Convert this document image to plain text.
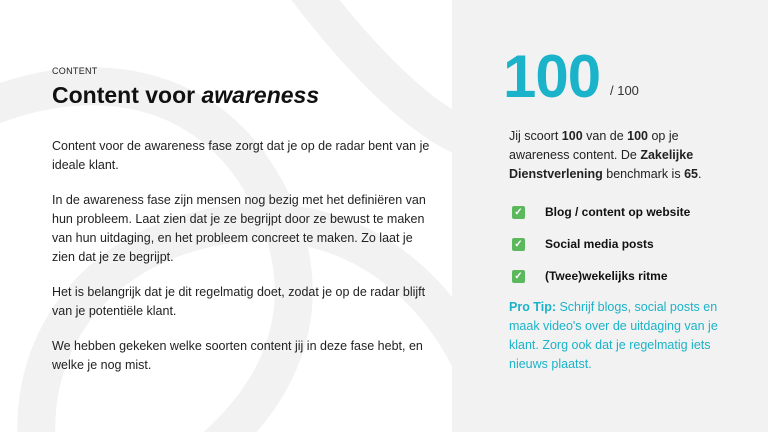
CONTENT
Content voor awareness

Content voor de awareness fase zorgt dat je op de radar bent van je ideale klant.

In de awareness fase zijn mensen nog bezig met het definiëren van hun probleem. Laat zien dat je ze begrijpt door ze bewust te maken van hun uitdaging, en het probleem concreet te maken. Zo laat je zien dat je ze begrijpt.

Het is belangrijk dat je dit regelmatig doet, zodat je op de radar blijft van je potentiële klant.

We hebben gekeken welke soorten content jij in deze fase hebt, en welke je nog mist.

100 / 100
Jij scoort 100 van de 100 op je awareness content. De Zakelijke Dienstverlening benchmark is 65.
✓ Blog / content op website
✓ Social media posts
✓ (Twee)wekelijks ritme
Pro Tip: Schrijf blogs, social posts en maak video's over de uitdaging van je klant. Zorg ook dat je regelmatig iets nieuws plaatst.
